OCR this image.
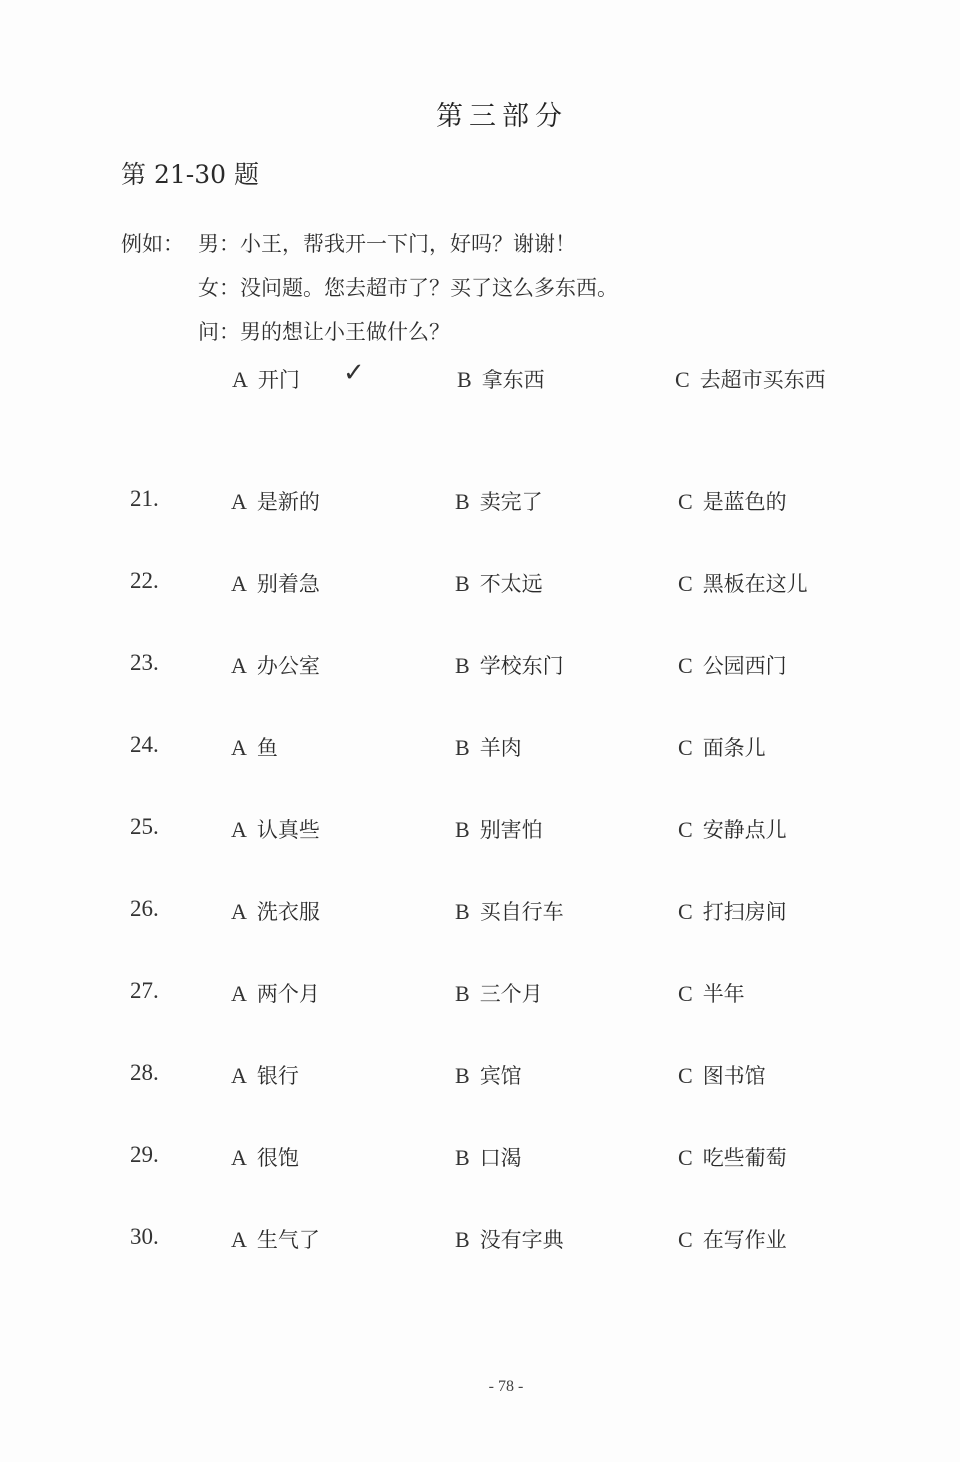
第三部分
第 21-30 题
例如： 男：小王，帮我开一下门，好吗？谢谢！
女：没问题。您去超市了？买了这么多东西。
问：男的想让小王做什么？
A 开门 ✓	B 拿东西	C 去超市买东西
21.	A 是新的	B 卖完了	C 是蓝色的
22.	A 别着急	B 不太远	C 黑板在这儿
23.	A 办公室	B 学校东门	C 公园西门
24.	A 鱼	B 羊肉	C 面条儿
25.	A 认真些	B 别害怕	C 安静点儿
26.	A 洗衣服	B 买自行车	C 打扫房间
27.	A 两个月	B 三个月	C 半年
28.	A 银行	B 宾馆	C 图书馆
29.	A 很饱	B 口渴	C 吃些葡萄
30.	A 生气了	B 没有字典	C 在写作业
- 78 -
